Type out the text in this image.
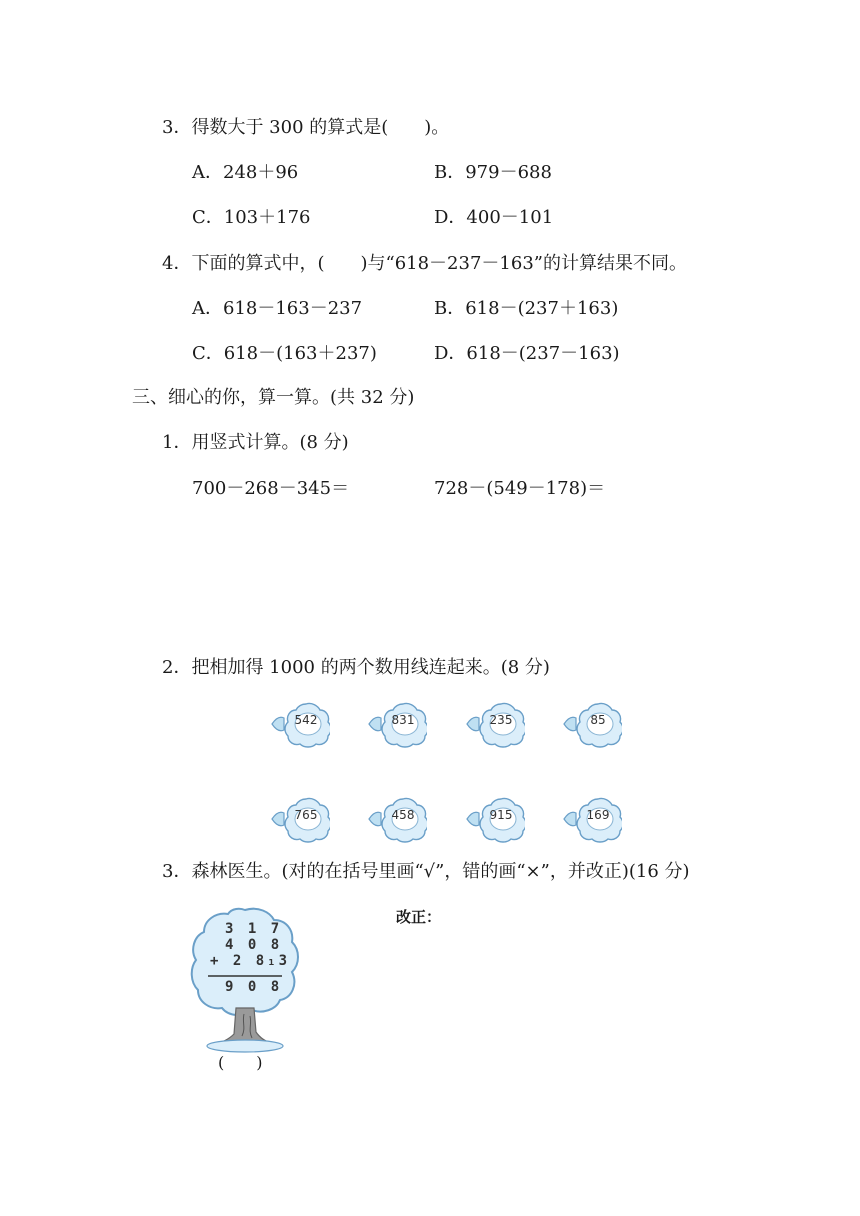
3．得数大于 300 的算式是(　　)。
A．248＋96	B．979－688
C．103＋176	D．400－101
4．下面的算式中，(　　)与“618－237－163”的计算结果不同。
A．618－163－237	B．618－(237＋163)
C．618－(163＋237)	D．618－(237－163)
三、细心的你，算一算。(共 32 分)
1．用竖式计算。(8 分)
700－268－345＝	728－(549－178)＝
2．把相加得 1000 的两个数用线连起来。(8 分)
542	831	235	85
765	458	915	169
3．森林医生。(对的在括号里画“√”，错的画“×”，并改正)(16 分)
改正：
3 1 7
4 0 8
+ 2 8₁3
9 0 8
(　　)
